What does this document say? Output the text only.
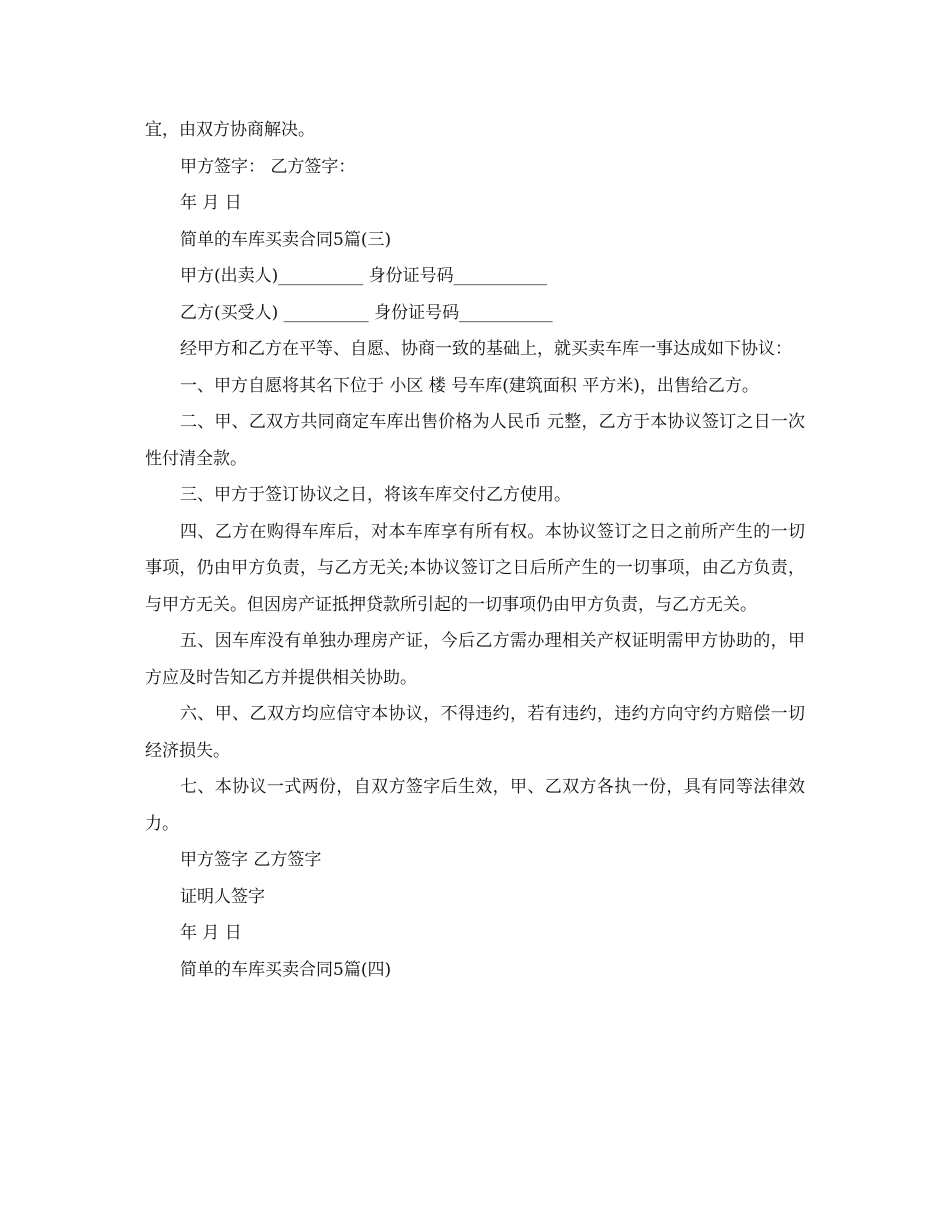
宜，由双方协商解决。

甲方签字： 乙方签字：

年 月 日

简单的车库买卖合同5篇(三)

甲方(出卖人)__________ 身份证号码___________

乙方(买受人) __________ 身份证号码___________

经甲方和乙方在平等、自愿、协商一致的基础上，就买卖车库一事达成如下协议：

一、甲方自愿将其名下位于 小区 楼 号车库(建筑面积 平方米)，出售给乙方。

二、甲、乙双方共同商定车库出售价格为人民币 元整，乙方于本协议签订之日一次性付清全款。

三、甲方于签订协议之日，将该车库交付乙方使用。

四、乙方在购得车库后，对本车库享有所有权。本协议签订之日之前所产生的一切事项，仍由甲方负责，与乙方无关;本协议签订之日后所产生的一切事项，由乙方负责，与甲方无关。但因房产证抵押贷款所引起的一切事项仍由甲方负责，与乙方无关。

五、因车库没有单独办理房产证，今后乙方需办理相关产权证明需甲方协助的，甲方应及时告知乙方并提供相关协助。

六、甲、乙双方均应信守本协议，不得违约，若有违约，违约方向守约方赔偿一切经济损失。

七、本协议一式两份，自双方签字后生效，甲、乙双方各执一份，具有同等法律效力。

甲方签字 乙方签字

证明人签字

年 月 日

简单的车库买卖合同5篇(四)
